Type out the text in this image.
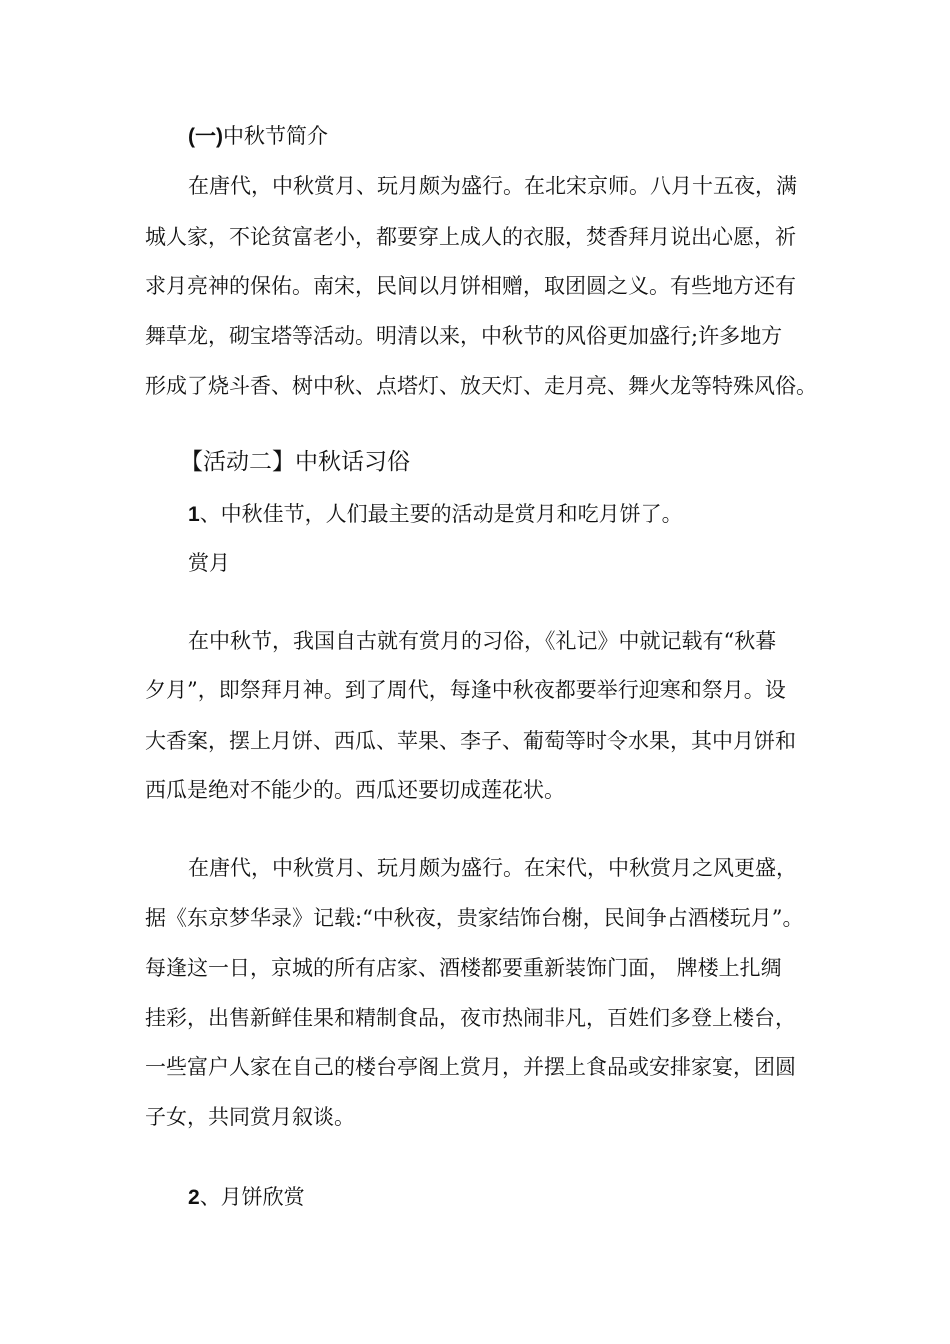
(一)中秋节简介
在唐代，中秋赏月、玩月颇为盛行。在北宋京师。八月十五夜，满
城人家，不论贫富老小，都要穿上成人的衣服，焚香拜月说出心愿，祈
求月亮神的保佑。南宋，民间以月饼相赠，取团圆之义。有些地方还有
舞草龙，砌宝塔等活动。明清以来，中秋节的风俗更加盛行;许多地方
形成了烧斗香、树中秋、点塔灯、放天灯、走月亮、舞火龙等特殊风俗。
【活动二】中秋话习俗
1、中秋佳节，人们最主要的活动是赏月和吃月饼了。
赏月
在中秋节，我国自古就有赏月的习俗，《礼记》中就记载有“秋暮
夕月”，即祭拜月神。到了周代，每逢中秋夜都要举行迎寒和祭月。设
大香案，摆上月饼、西瓜、苹果、李子、葡萄等时令水果，其中月饼和
西瓜是绝对不能少的。西瓜还要切成莲花状。
在唐代，中秋赏月、玩月颇为盛行。在宋代，中秋赏月之风更盛，
据《东京梦华录》记载:“中秋夜，贵家结饰台榭，民间争占酒楼玩月”。
每逢这一日，京城的所有店家、酒楼都要重新装饰门面， 牌楼上扎绸
挂彩，出售新鲜佳果和精制食品，夜市热闹非凡，百姓们多登上楼台，
一些富户人家在自己的楼台亭阁上赏月，并摆上食品或安排家宴，团圆
子女，共同赏月叙谈。
2、月饼欣赏
